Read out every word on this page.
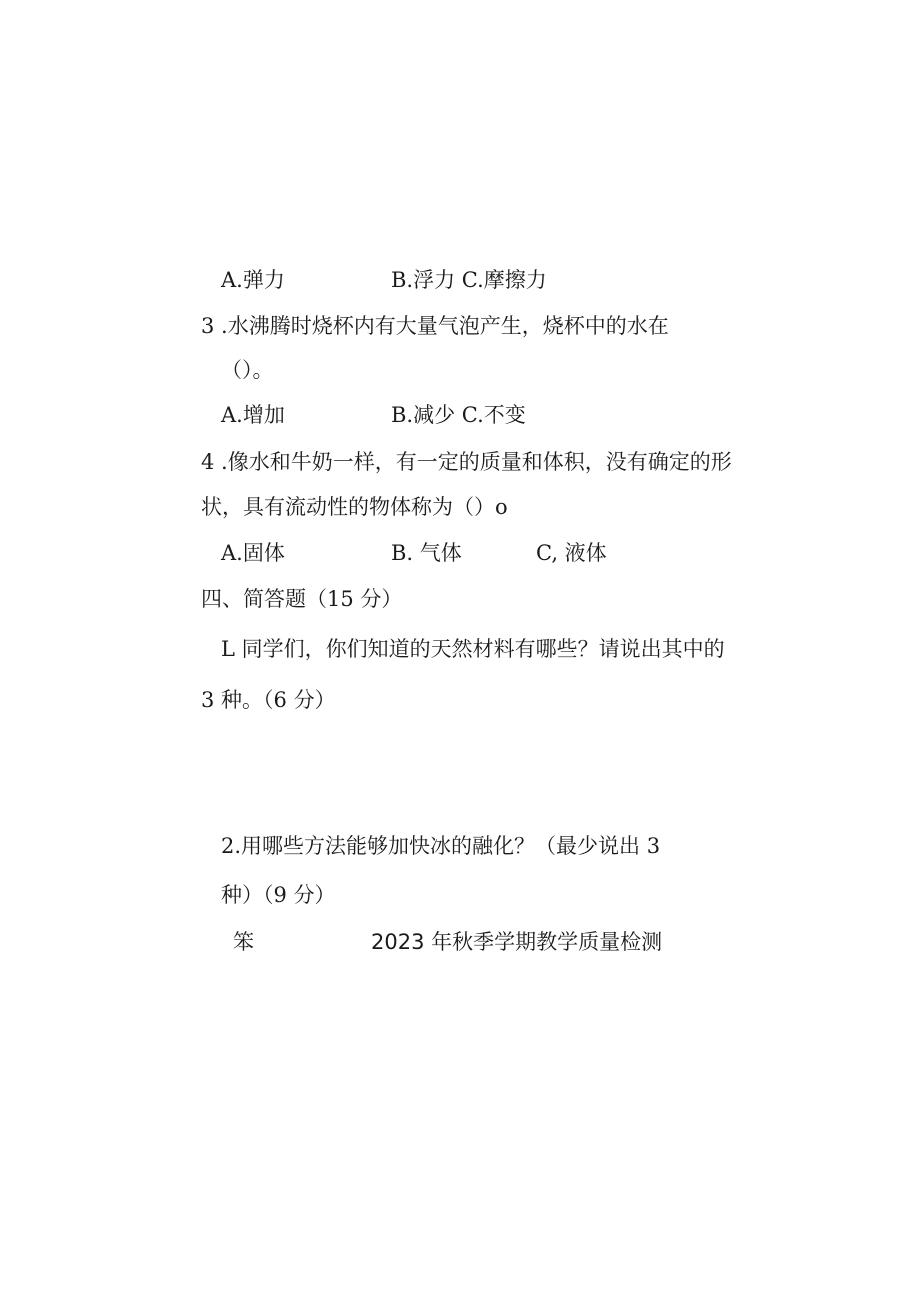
A.弹力	B.浮力 C.摩擦力
3 .水沸腾时烧杯内有大量气泡产生，烧杯中的水在
（）。
A.增加	B.减少 C.不变
4 .像水和牛奶一样，有一定的质量和体积，没有确定的形
状，具有流动性的物体称为（）o
A.固体	B. 气体	C, 液体
四、简答题（15 分）
L 同学们，你们知道的天然材料有哪些？请说出其中的
3 种。（6 分）
2.用哪些方法能够加快冰的融化？（最少说出 3
种）（9 分）
笨	2023 年秋季学期教学质量检测
